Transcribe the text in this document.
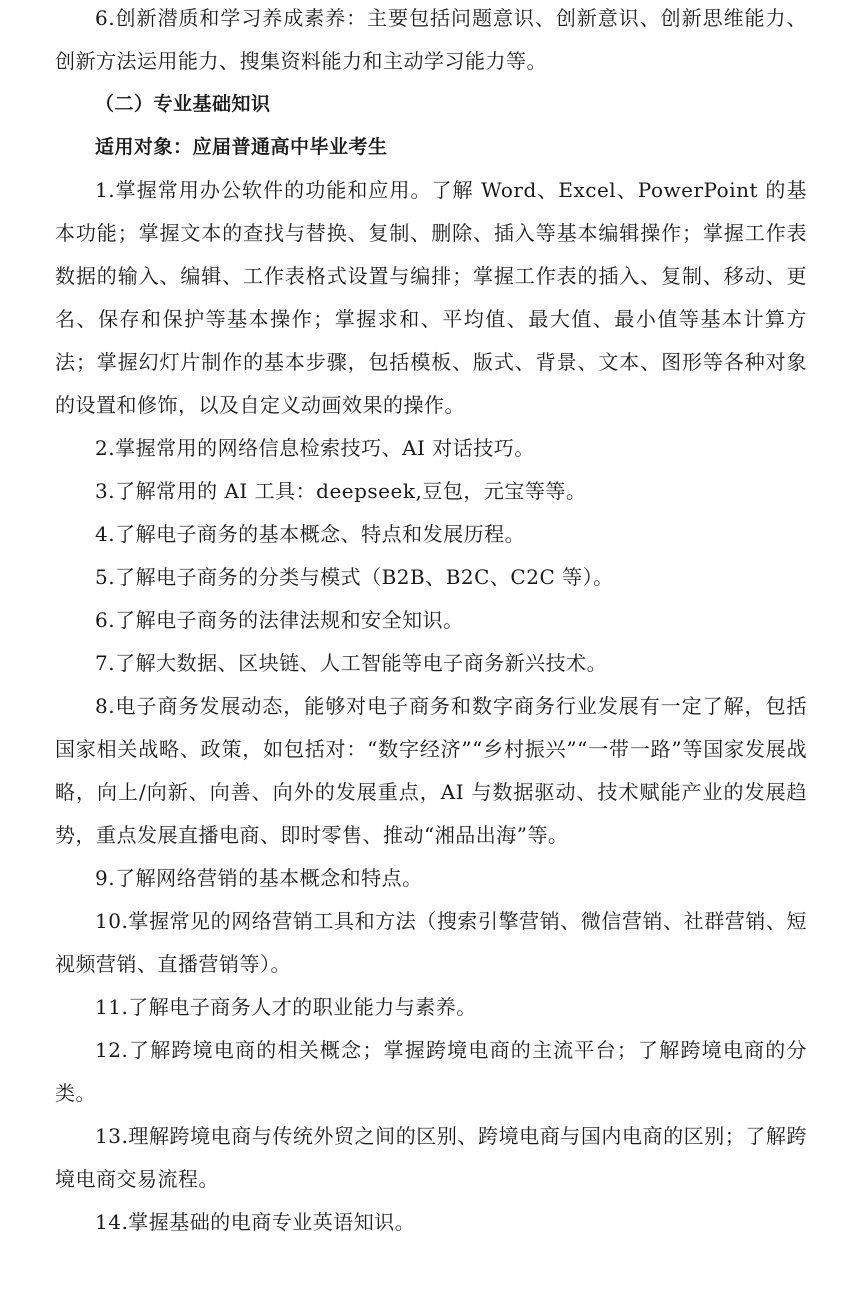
6.创新潜质和学习养成素养：主要包括问题意识、创新意识、创新思维能力、创新方法运用能力、搜集资料能力和主动学习能力等。

（二）专业基础知识

适用对象：应届普通高中毕业考生

1.掌握常用办公软件的功能和应用。了解 Word、Excel、PowerPoint 的基本功能；掌握文本的查找与替换、复制、删除、插入等基本编辑操作；掌握工作表数据的输入、编辑、工作表格式设置与编排；掌握工作表的插入、复制、移动、更名、保存和保护等基本操作；掌握求和、平均值、最大值、最小值等基本计算方法；掌握幻灯片制作的基本步骤，包括模板、版式、背景、文本、图形等各种对象的设置和修饰，以及自定义动画效果的操作。

2.掌握常用的网络信息检索技巧、AI 对话技巧。

3.了解常用的 AI 工具：deepseek,豆包，元宝等等。

4.了解电子商务的基本概念、特点和发展历程。

5.了解电子商务的分类与模式（B2B、B2C、C2C 等）。

6.了解电子商务的法律法规和安全知识。

7.了解大数据、区块链、人工智能等电子商务新兴技术。

8.电子商务发展动态，能够对电子商务和数字商务行业发展有一定了解，包括国家相关战略、政策，如包括对：“数字经济”“乡村振兴”“一带一路”等国家发展战略，向上/向新、向善、向外的发展重点，AI 与数据驱动、技术赋能产业的发展趋势，重点发展直播电商、即时零售、推动“湘品出海”等。

9.了解网络营销的基本概念和特点。

10.掌握常见的网络营销工具和方法（搜索引擎营销、微信营销、社群营销、短视频营销、直播营销等）。

11.了解电子商务人才的职业能力与素养。

12.了解跨境电商的相关概念；掌握跨境电商的主流平台；了解跨境电商的分类。

13.理解跨境电商与传统外贸之间的区别、跨境电商与国内电商的区别；了解跨境电商交易流程。

14.掌握基础的电商专业英语知识。
